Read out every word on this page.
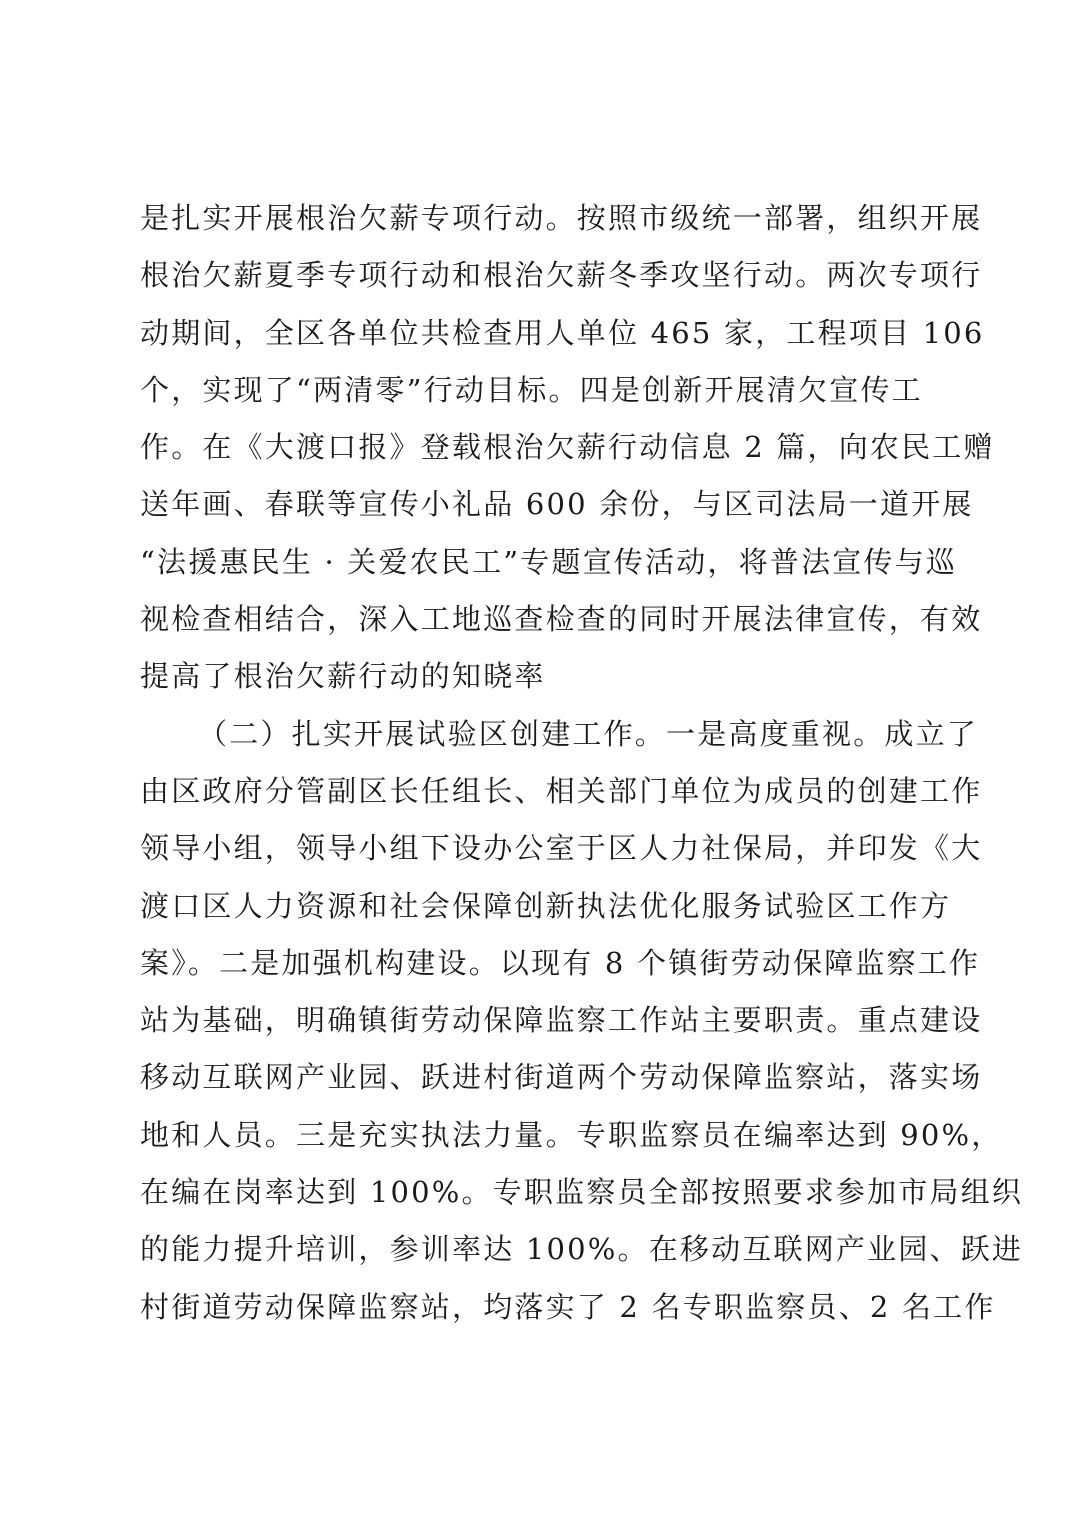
是扎实开展根治欠薪专项行动。按照市级统一部署，组织开展
根治欠薪夏季专项行动和根治欠薪冬季攻坚行动。两次专项行
动期间，全区各单位共检查用人单位 465 家，工程项目 106
个，实现了“两清零”行动目标。四是创新开展清欠宣传工
作。在《大渡口报》登载根治欠薪行动信息 2 篇，向农民工赠
送年画、春联等宣传小礼品 600 余份，与区司法局一道开展
“法援惠民生 · 关爱农民工”专题宣传活动，将普法宣传与巡
视检查相结合，深入工地巡查检查的同时开展法律宣传，有效
提高了根治欠薪行动的知晓率
（二）扎实开展试验区创建工作。一是高度重视。成立了
由区政府分管副区长任组长、相关部门单位为成员的创建工作
领导小组，领导小组下设办公室于区人力社保局，并印发《大
渡口区人力资源和社会保障创新执法优化服务试验区工作方
案》。二是加强机构建设。以现有 8 个镇街劳动保障监察工作
站为基础，明确镇街劳动保障监察工作站主要职责。重点建设
移动互联网产业园、跃进村街道两个劳动保障监察站，落实场
地和人员。三是充实执法力量。专职监察员在编率达到 90%，
在编在岗率达到 100%。专职监察员全部按照要求参加市局组织
的能力提升培训，参训率达 100%。在移动互联网产业园、跃进
村街道劳动保障监察站，均落实了 2 名专职监察员、2 名工作
